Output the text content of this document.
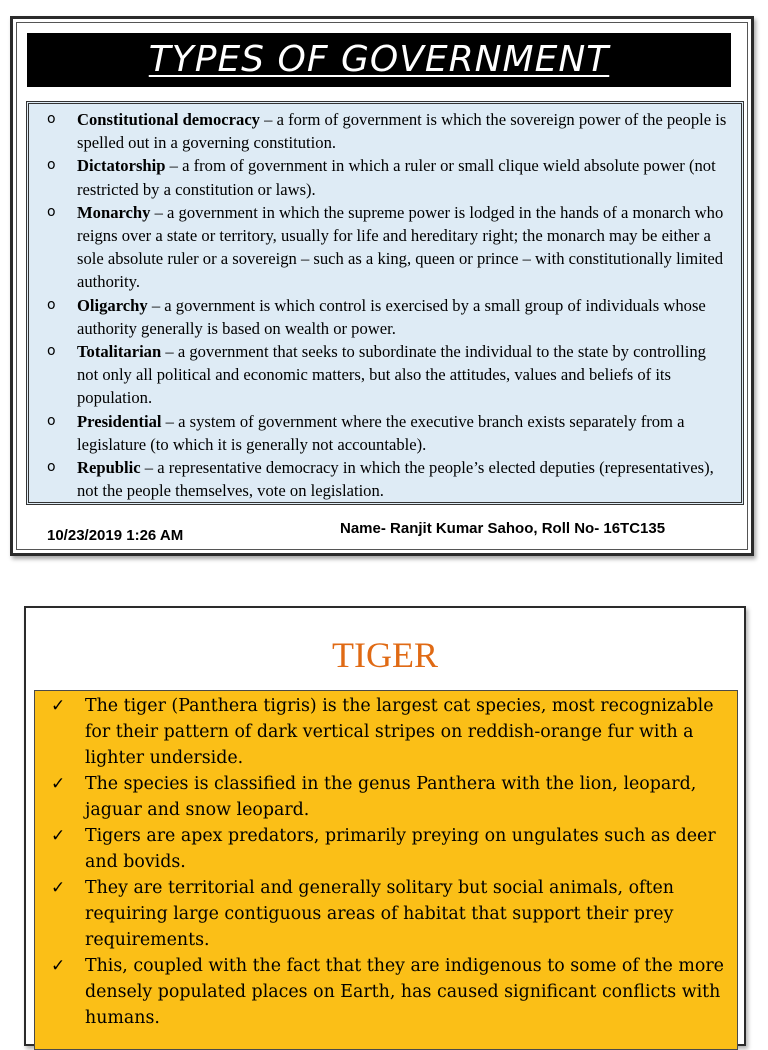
TYPES OF GOVERNMENT
o Constitutional democracy – a form of government is which the sovereign power of the people is spelled out in a governing constitution.
o Dictatorship – a from of government in which a ruler or small clique wield absolute power (not restricted by a constitution or laws).
o Monarchy – a government in which the supreme power is lodged in the hands of a monarch who reigns over a state or territory, usually for life and hereditary right; the monarch may be either a sole absolute ruler or a sovereign – such as a king, queen or prince – with constitutionally limited authority.
o Oligarchy – a government is which control is exercised by a small group of individuals whose authority generally is based on wealth or power.
o Totalitarian – a government that seeks to subordinate the individual to the state by controlling not only all political and economic matters, but also the attitudes, values and beliefs of its population.
o Presidential – a system of government where the executive branch exists separately from a legislature (to which it is generally not accountable).
o Republic – a representative democracy in which the people’s elected deputies (representatives), not the people themselves, vote on legislation.
10/23/2019 1:26 AM	Name- Ranjit Kumar Sahoo, Roll No- 16TC135
TIGER
✓ The tiger (Panthera tigris) is the largest cat species, most recognizable for their pattern of dark vertical stripes on reddish-orange fur with a lighter underside.
✓ The species is classified in the genus Panthera with the lion, leopard, jaguar and snow leopard.
✓ Tigers are apex predators, primarily preying on ungulates such as deer and bovids.
✓ They are territorial and generally solitary but social animals, often requiring large contiguous areas of habitat that support their prey requirements.
✓ This, coupled with the fact that they are indigenous to some of the more densely populated places on Earth, has caused significant conflicts with humans.
